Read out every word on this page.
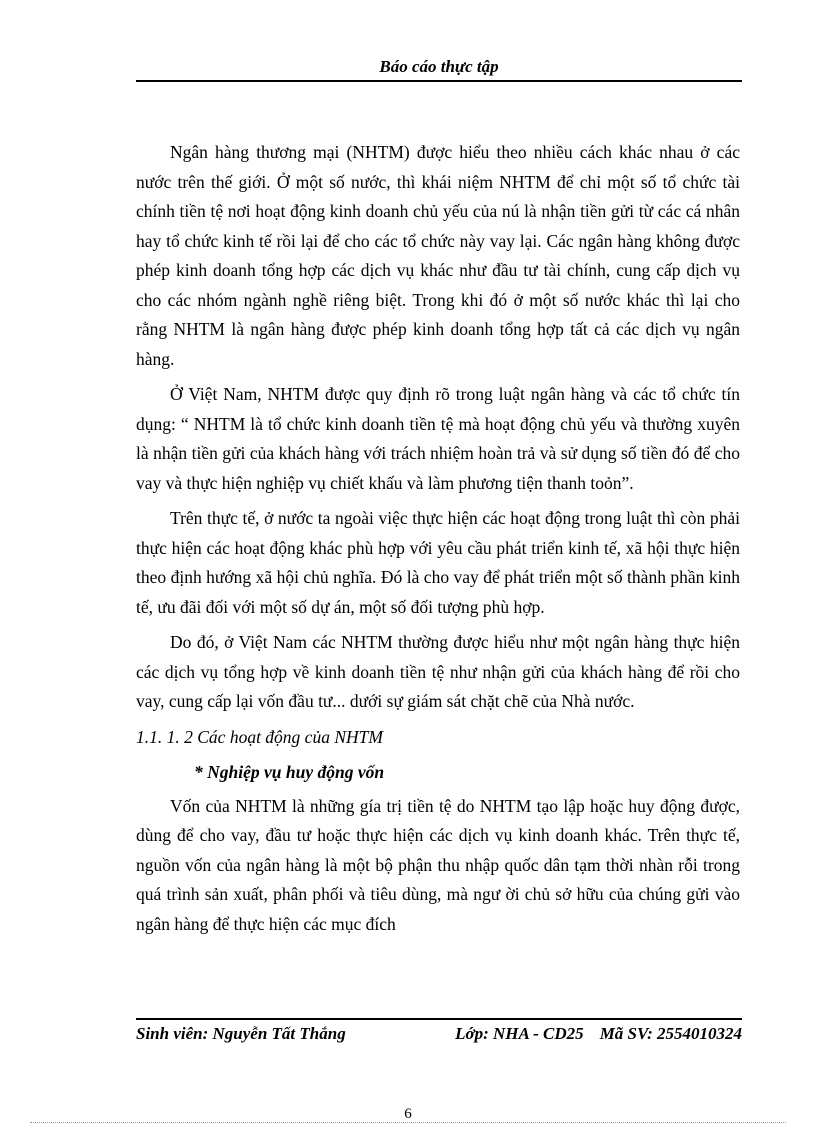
Báo cáo thực tập

Ngân hàng thương mại (NHTM) được hiểu theo nhiều cách khác nhau ở các nước trên thế giới. Ở một số nước, thì khái niệm NHTM để chỉ một số tổ chức tài chính tiền tệ nơi hoạt động kinh doanh chủ yếu của nú là nhận tiền gửi từ các cá nhân hay tổ chức kinh tế rồi lại để cho các tổ chức này vay lại. Các ngân hàng không được phép kinh doanh tổng hợp các dịch vụ khác như đầu tư tài chính, cung cấp dịch vụ cho các nhóm ngành nghề riêng biệt. Trong khi đó ở một số nước khác thì lại cho rằng NHTM là ngân hàng được phép kinh doanh tổng hợp tất cả các dịch vụ ngân hàng.

Ở Việt Nam, NHTM được quy định rõ trong luật ngân hàng và các tổ chức tín dụng: “ NHTM là tổ chức kinh doanh tiền tệ mà hoạt động chủ yếu và thường xuyên là nhận tiền gửi của khách hàng với trách nhiệm hoàn trả và sử dụng số tiền đó để cho vay và thực hiện nghiệp vụ chiết khấu và làm phương tiện thanh toỏn”.

Trên thực tế, ở nước ta ngoài việc thực hiện các hoạt động trong luật thì còn phải thực hiện các hoạt động khác phù hợp với yêu cầu phát triển kinh tế, xã hội thực hiện theo định hướng xã hội chủ nghĩa. Đó là cho vay để phát triển một số thành phần kinh tế, ưu đãi đối với một số dự án, một số đối tượng phù hợp.

Do đó, ở Việt Nam các NHTM thường được hiểu như một ngân hàng thực hiện các dịch vụ tổng hợp về kinh doanh tiền tệ như nhận gửi của khách hàng để rồi cho vay, cung cấp lại vốn đầu tư... dưới sự giám sát chặt chẽ của Nhà nước.

1.1. 1. 2 Các hoạt động của NHTM

* Nghiệp vụ huy động vốn

Vốn của NHTM là những gía trị tiền tệ do NHTM tạo lập hoặc huy động được, dùng để cho vay, đầu tư hoặc thực hiện các dịch vụ kinh doanh khác. Trên thực tế, nguồn vốn của ngân hàng là một bộ phận thu nhập quốc dân tạm thời nhàn rỗi trong quá trình sản xuất, phân phối và tiêu dùng, mà ngư ời chủ sở hữu của chúng gửi vào ngân hàng để thực hiện các mục đích

Sinh viên: Nguyễn Tất Thắng	Lớp: NHA - CD25 Mã SV: 2554010324
6
